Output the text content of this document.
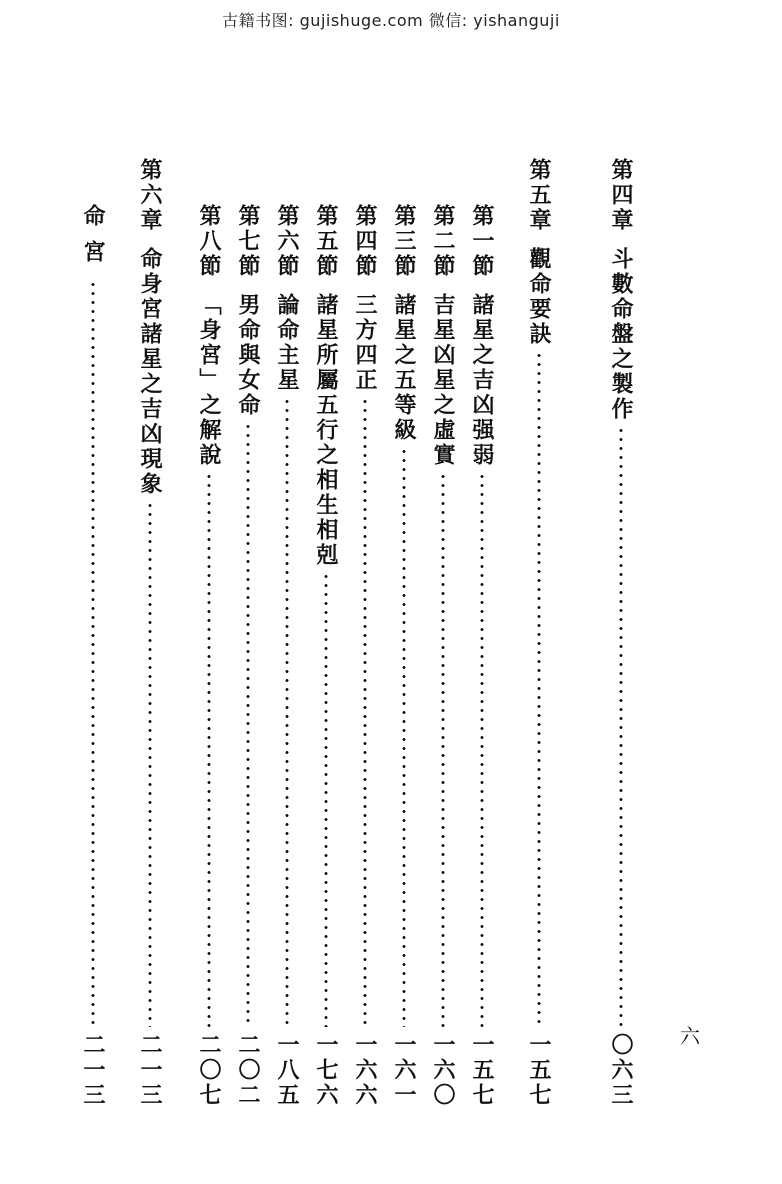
古籍书图: gujishuge.com 微信: yishanguji
六
第四章
斗數命盤之製作
〇六三
第五章
觀命要訣
一五七
第一節
諸星之吉凶强弱
一五七
第二節
吉星凶星之虛實
一六〇
第三節
諸星之五等級
一六一
第四節
三方四正
一六六
第五節
諸星所屬五行之相生相剋
一七六
第六節
論命主星
一八五
第七節
男命與女命
二〇二
第八節
「身宮」之解說
二〇七
第六章
命身宮諸星之吉凶現象
二一三
命宮
二一三
